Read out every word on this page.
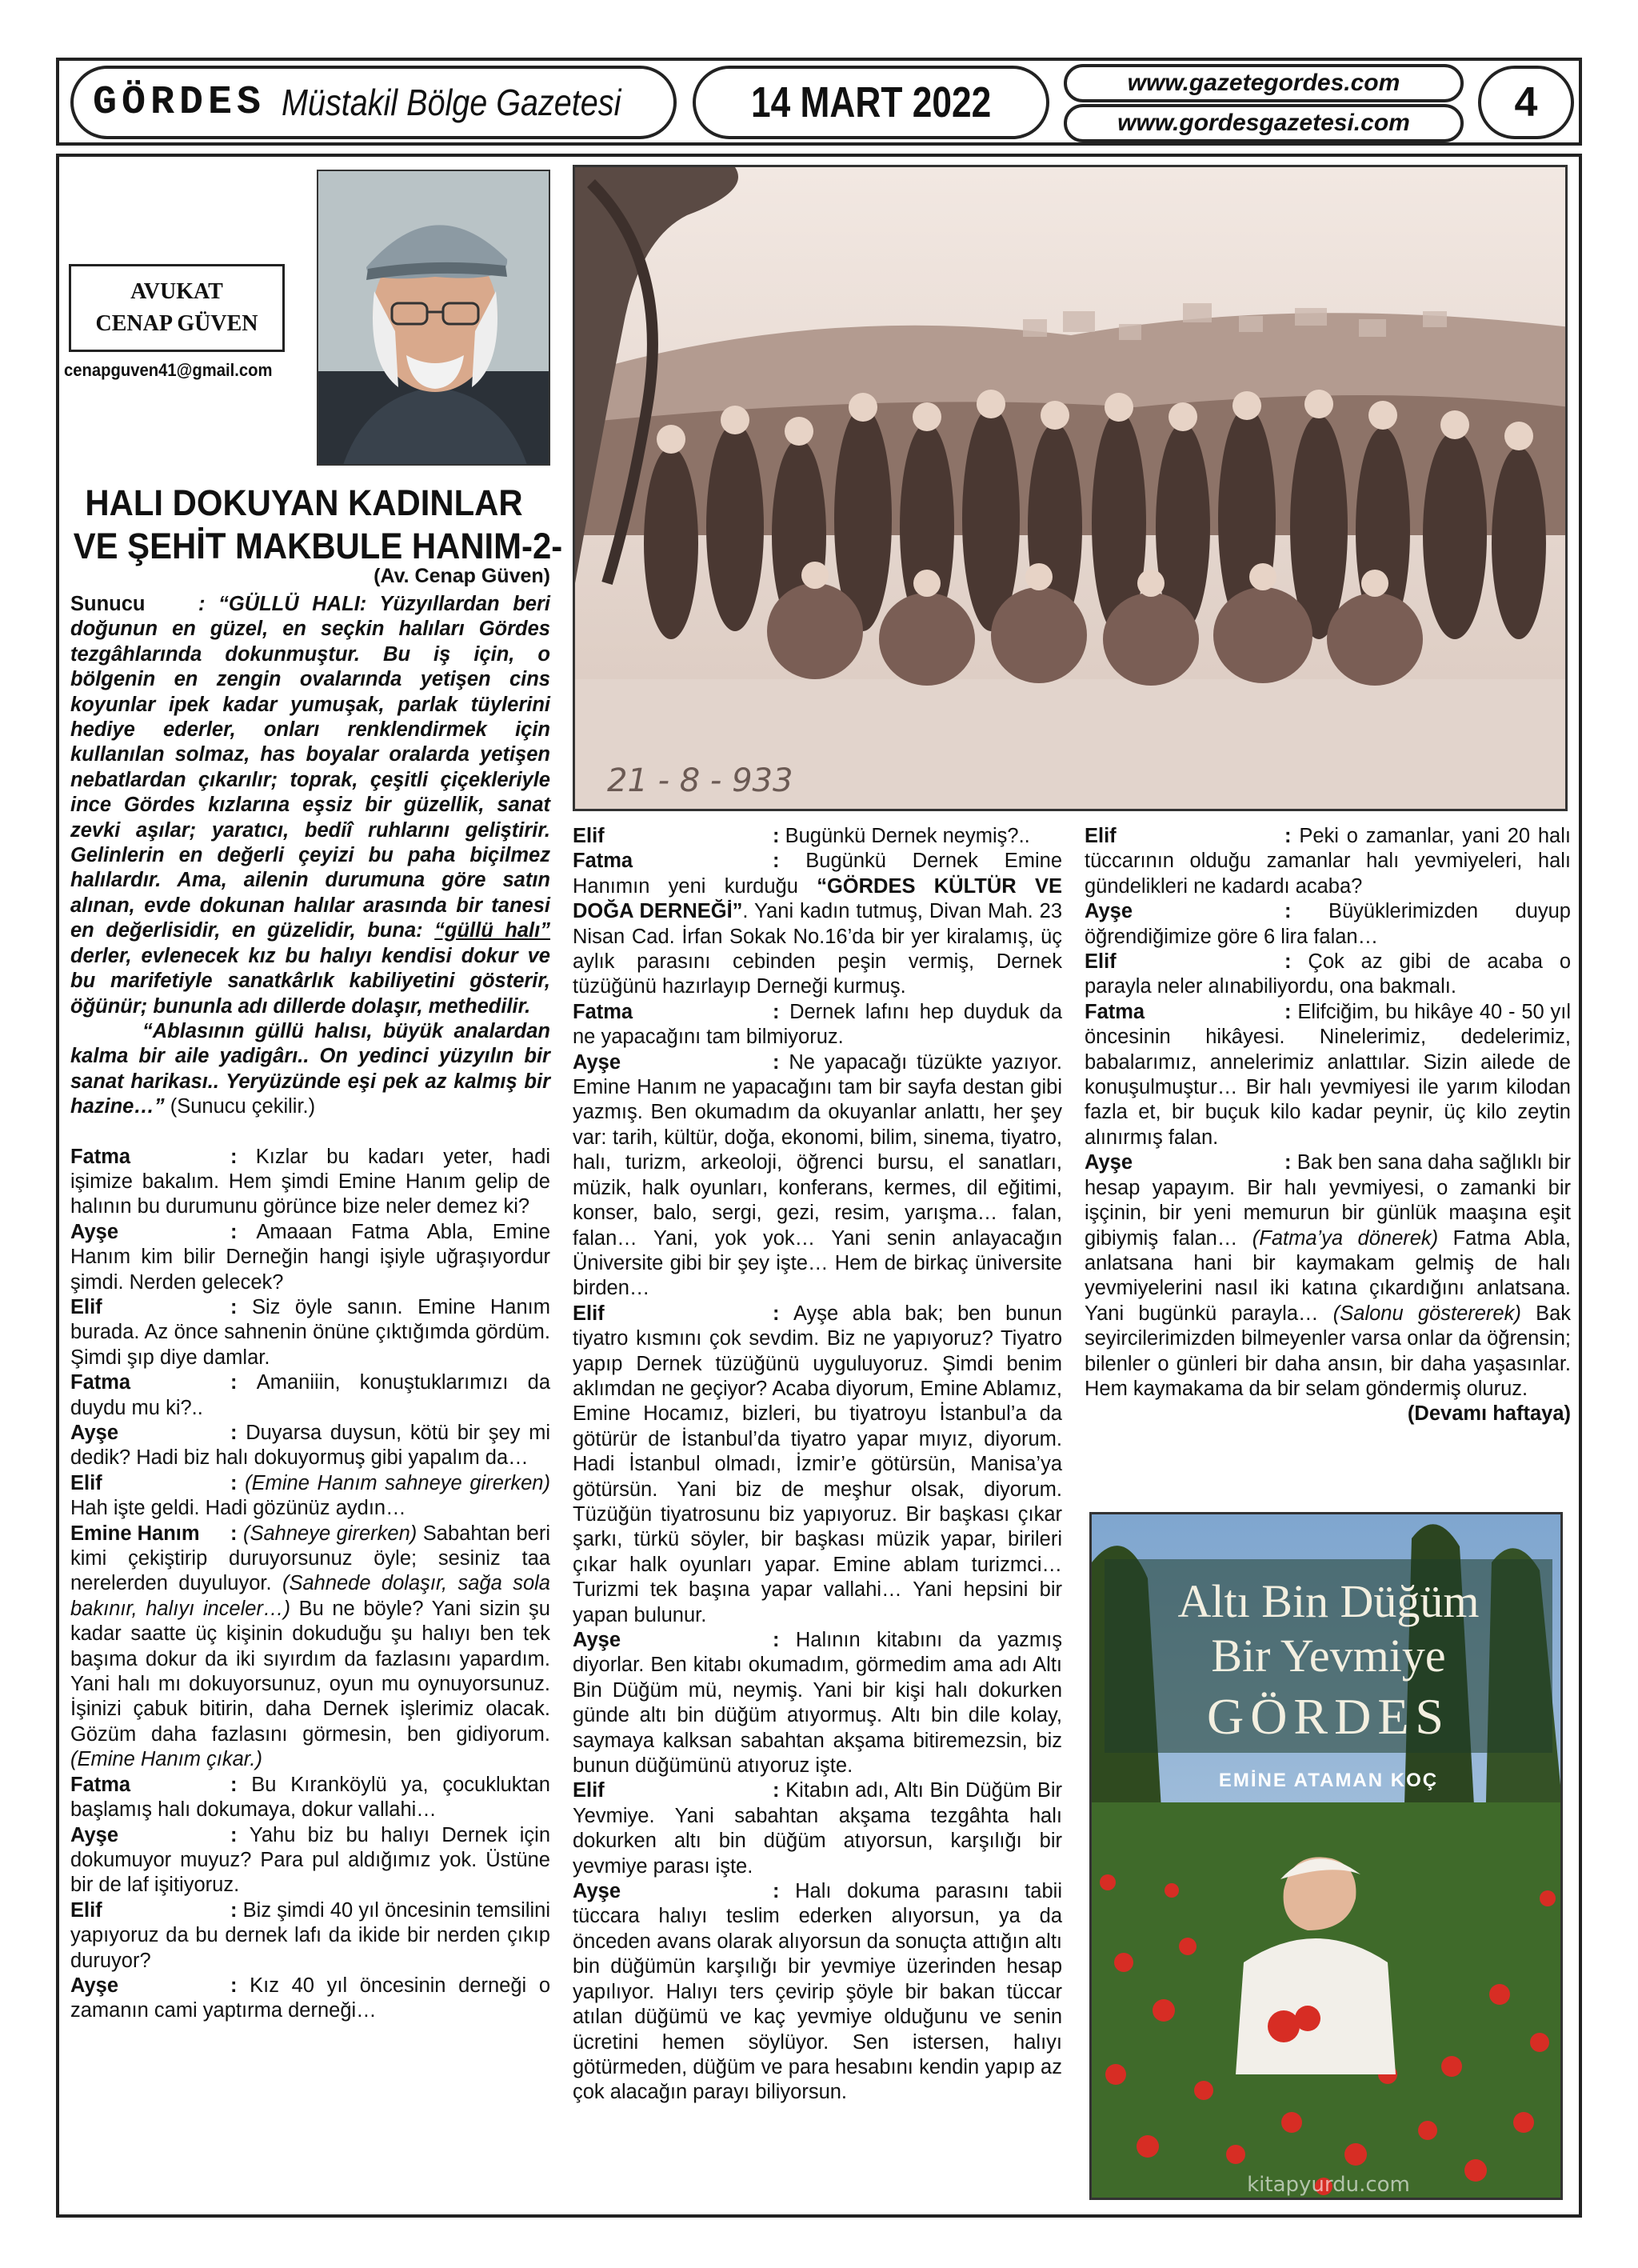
GÖRDES Müstakil Bölge Gazetesi	14 MART 2022	www.gazetegordes.com
www.gordesgazetesi.com	4
AVUKAT
CENAP GÜVEN
cenapguven41@gmail.com
HALI DOKUYAN KADINLAR
VE ŞEHİT MAKBULE HANIM-2-
(Av. Cenap Güven)
21 - 8 - 933

Sunucu	: “GÜLLÜ HALI: Yüzyıllardan beri doğunun en güzel, en seçkin halıları Gördes tezgâhlarında dokunmuştur. Bu iş için, o bölgenin en zengin ovalarında yetişen cins koyunlar ipek kadar yumuşak, parlak tüylerini hediye ederler, onları renklendirmek için kullanılan solmaz, has boyalar oralarda yetişen nebatlardan çıkarılır; toprak, çeşitli çiçekleriyle ince Gördes kızlarına eşsiz bir güzellik, sanat zevki aşılar; yaratıcı, bediî ruhlarını geliştirir. Gelinlerin en değerli çeyizi bu paha biçilmez halılardır. Ama, ailenin durumuna göre satın alınan, evde dokunan halılar arasında bir tanesi en değerlisidir, en güzelidir, buna: “güllü halı” derler, evlenecek kız bu halıyı kendisi dokur ve bu marifetiyle sanatkârlık kabiliyetini gösterir, öğünür; bununla adı dillerde dolaşır, methedilir.

“Ablasının güllü halısı, büyük analardan kalma bir aile yadigârı.. On yedinci yüzyılın bir sanat harikası.. Yeryüzünde eşi pek az kalmış bir hazine…” (Sunucu çekilir.)

Fatma	: Kızlar bu kadarı yeter, hadi işimize bakalım. Hem şimdi Emine Hanım gelip de halının bu durumunu görünce bize neler demez ki?

Ayşe	: Amaaan Fatma Abla, Emine Hanım kim bilir Derneğin hangi işiyle uğraşıyordur şimdi. Nerden gelecek?

Elif	: Siz öyle sanın. Emine Hanım burada. Az önce sahnenin önüne çıktığımda gördüm. Şimdi şıp diye damlar.

Fatma	: Amaniiin, konuştuklarımızı da duydu mu ki?..

Ayşe	: Duyarsa duysun, kötü bir şey mi dedik? Hadi biz halı dokuyormuş gibi yapalım da…

Elif	: (Emine Hanım sahneye girerken) Hah işte geldi. Hadi gözünüz aydın…

Emine Hanım : (Sahneye girerken) Sabahtan beri kimi çekiştirip duruyorsunuz öyle; sesiniz taa nerelerden duyuluyor. (Sahnede dolaşır, sağa sola bakınır, halıyı inceler…) Bu ne böyle? Yani sizin şu kadar saatte üç kişinin dokuduğu şu halıyı ben tek başıma dokur da iki sıyırdım da fazlasını yapardım. Yani halı mı dokuyorsunuz, oyun mu oynuyorsunuz. İşinizi çabuk bitirin, daha Dernek işlerimiz olacak. Gözüm daha fazlasını görmesin, ben gidiyorum. (Emine Hanım çıkar.)

Fatma	: Bu Kıranköylü ya, çocukluktan başlamış halı dokumaya, dokur vallahi…

Ayşe	: Yahu biz bu halıyı Dernek için dokumuyor muyuz? Para pul aldığımız yok. Üstüne bir de laf işitiyoruz.

Elif	: Biz şimdi 40 yıl öncesinin temsilini yapıyoruz da bu dernek lafı da ikide bir nerden çıkıp duruyor?

Ayşe	: Kız 40 yıl öncesinin derneği o zamanın cami yaptırma derneği…

Elif	: Bugünkü Dernek neymiş?..

Fatma	: Bugünkü Dernek Emine Hanımın yeni kurduğu “GÖRDES KÜLTÜR VE DOĞA DERNEĞİ”. Yani kadın tutmuş, Divan Mah. 23 Nisan Cad. İrfan Sokak No.16’da bir yer kiralamış, üç aylık parasını cebinden peşin vermiş, Dernek tüzüğünü hazırlayıp Derneği kurmuş.

Fatma	: Dernek lafını hep duyduk da ne yapacağını tam bilmiyoruz.

Ayşe	: Ne yapacağı tüzükte yazıyor. Emine Hanım ne yapacağını tam bir sayfa destan gibi yazmış. Ben okumadım da okuyanlar anlattı, her şey var: tarih, kültür, doğa, ekonomi, bilim, sinema, tiyatro, halı, turizm, arkeoloji, öğrenci bursu, el sanatları, müzik, halk oyunları, konferans, kermes, dil eğitimi, konser, balo, sergi, gezi, resim, yarışma… falan, falan… Yani, yok yok… Yani senin anlayacağın Üniversite gibi bir şey işte… Hem de birkaç üniversite birden…

Elif	: Ayşe abla bak; ben bunun tiyatro kısmını çok sevdim. Biz ne yapıyoruz? Tiyatro yapıp Dernek tüzüğünü uyguluyoruz. Şimdi benim aklımdan ne geçiyor? Acaba diyorum, Emine Ablamız, Emine Hocamız, bizleri, bu tiyatroyu İstanbul’a da götürür de İstanbul’da tiyatro yapar mıyız, diyorum. Hadi İstanbul olmadı, İzmir’e götürsün, Manisa’ya götürsün. Yani biz de meşhur olsak, diyorum. Tüzüğün tiyatrosunu biz yapıyoruz. Bir başkası çıkar şarkı, türkü söyler, bir başkası müzik yapar, birileri çıkar halk oyunları yapar. Emine ablam turizmci… Turizmi tek başına yapar vallahi… Yani hepsini bir yapan bulunur.

Ayşe	: Halının kitabını da yazmış diyorlar. Ben kitabı okumadım, görmedim ama adı Altı Bin Düğüm mü, neymiş. Yani bir kişi halı dokurken günde altı bin düğüm atıyormuş. Altı bin dile kolay, saymaya kalksan sabahtan akşama bitiremezsin, biz bunun düğümünü atıyoruz işte.

Elif	: Kitabın adı, Altı Bin Düğüm Bir Yevmiye. Yani sabahtan akşama tezgâhta halı dokurken altı bin düğüm atıyorsun, karşılığı bir yevmiye parası işte.

Ayşe	: Halı dokuma parasını tabii tüccara halıyı teslim ederken alıyorsun, ya da önceden avans olarak alıyorsun da sonuçta attığın altı bin düğümün karşılığı bir yevmiye üzerinden hesap yapılıyor. Halıyı ters çevirip şöyle bir bakan tüccar atılan düğümü ve kaç yevmiye olduğunu ve senin ücretini hemen söylüyor. Sen istersen, halıyı götürmeden, düğüm ve para hesabını kendin yapıp az çok alacağın parayı biliyorsun.

Elif	: Peki o zamanlar, yani 20 halı tüccarının olduğu zamanlar halı yevmiyeleri, halı gündelikleri ne kadardı acaba?

Ayşe	: Büyüklerimizden duyup öğrendiğimize göre 6 lira falan…

Elif	: Çok az gibi de acaba o parayla neler alınabiliyordu, ona bakmalı.

Fatma	: Elifciğim, bu hikâye 40 - 50 yıl öncesinin hikâyesi. Ninelerimiz, dedelerimiz, babalarımız, annelerimiz anlattılar. Sizin ailede de konuşulmuştur… Bir halı yevmiyesi ile yarım kilodan fazla et, bir buçuk kilo kadar peynir, üç kilo zeytin alınırmış falan.

Ayşe	: Bak ben sana daha sağlıklı bir hesap yapayım. Bir halı yevmiyesi, o zamanki bir işçinin, bir yeni memurun bir günlük maaşına eşit gibiymiş falan… (Fatma’ya dönerek) Fatma Abla, anlatsana hani bir kaymakam gelmiş de halı yevmiyelerini nasıl iki katına çıkardığını anlatsana. Yani bugünkü parayla… (Salonu göstererek) Bak seyircilerimizden bilmeyenler varsa onlar da öğrensin; bilenler o günleri bir daha ansın, bir daha yaşasınlar. Hem kaymakama da bir selam göndermiş oluruz.

(Devamı haftaya)

Altı Bin Düğüm
Bir Yevmiye
GÖRDES
EMİNE ATAMAN KOÇ
kitapyurdu.com
